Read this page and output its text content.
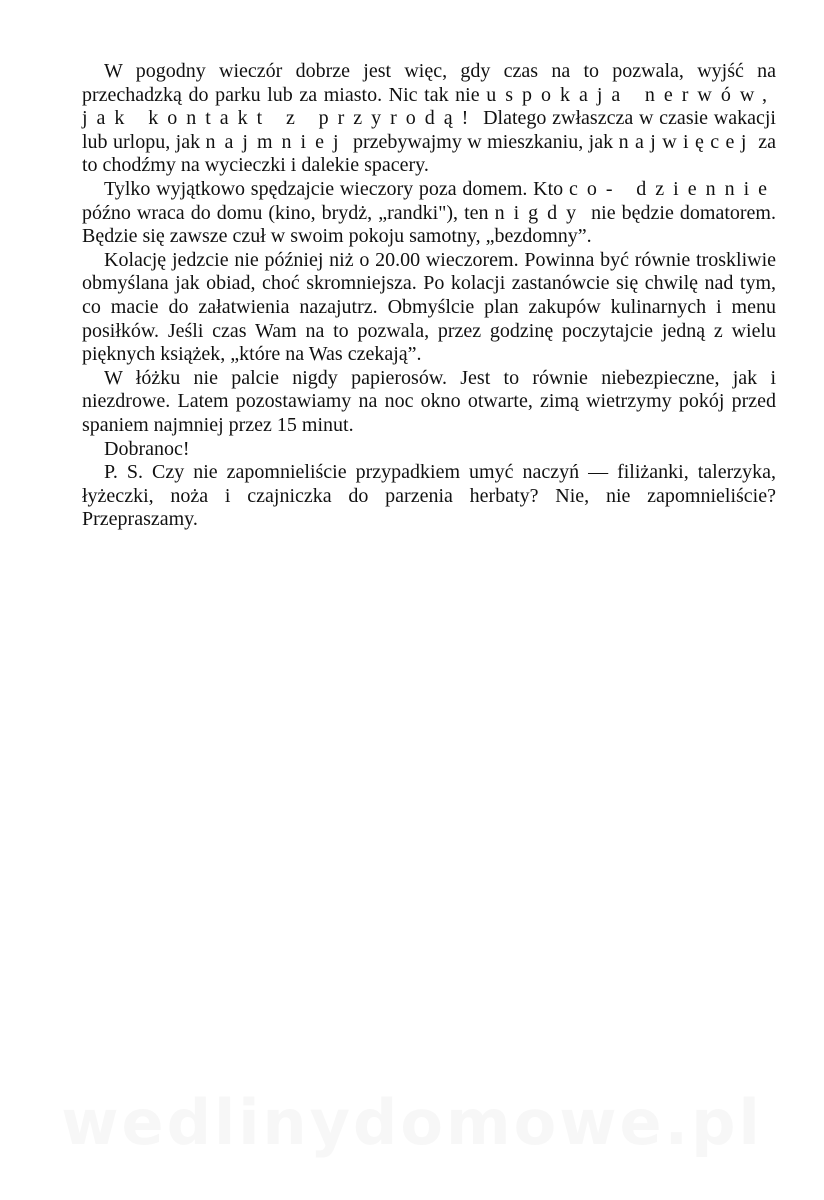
W pogodny wieczór dobrze jest więc, gdy czas na to pozwala, wyjść na przechadzką do parku lub za miasto. Nic tak nie uspokaja nerwów, jak kontakt z przyrodą! Dlatego zwłaszcza w czasie wakacji lub urlopu, jak najmniej przebywajmy w mieszkaniu, jak najwięcej za to chodźmy na wycieczki i dalekie spacery.

Tylko wyjątkowo spędzajcie wieczory poza domem. Kto co- dziennie późno wraca do domu (kino, brydż, „randki"), ten nigdy nie będzie domatorem. Będzie się zawsze czuł w swoim pokoju samotny, „bezdomny”.

Kolację jedzcie nie później niż o 20.00 wieczorem. Powinna być równie troskliwie obmyślana jak obiad, choć skromniejsza. Po kolacji zastanówcie się chwilę nad tym, co macie do załatwienia nazajutrz. Obmyślcie plan zakupów kulinarnych i menu posiłków. Jeśli czas Wam na to pozwala, przez godzinę poczytajcie jedną z wielu pięknych książek, „które na Was czekają”.

W łóżku nie palcie nigdy papierosów. Jest to równie niebezpieczne, jak i niezdrowe. Latem pozostawiamy na noc okno otwarte, zimą wietrzymy pokój przed spaniem najmniej przez 15 minut.

Dobranoc!

P. S. Czy nie zapomnieliście przypadkiem umyć naczyń — filiżanki, talerzyka, łyżeczki, noża i czajniczka do parzenia herbaty? Nie, nie zapomnieliście? Przepraszamy.

wedlinydomowe.pl
